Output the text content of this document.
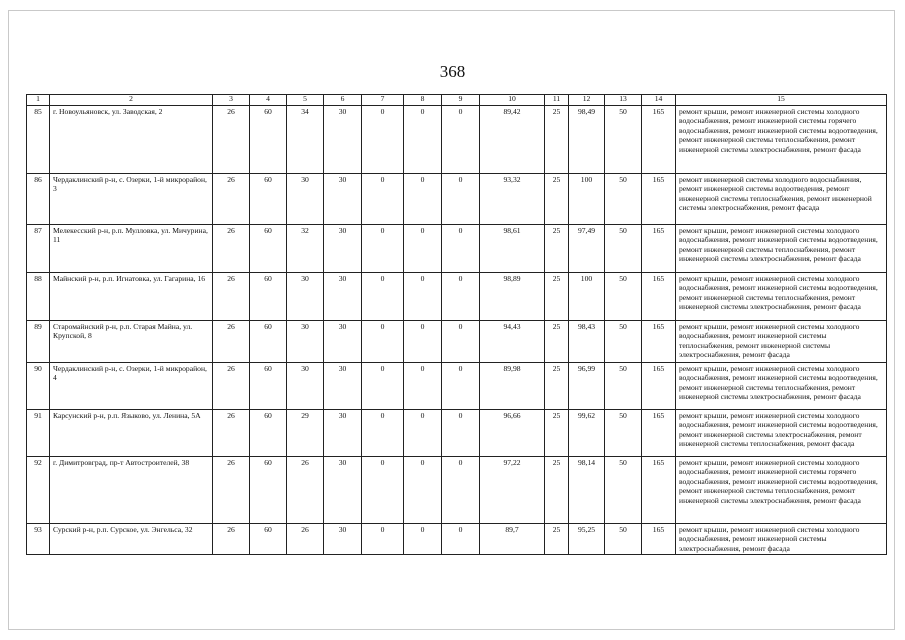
368
1	2	3	4	5	6	7	8	9	10	11	12	13	14	15
85	г. Новоульяновск, ул. Заводская, 2	26	60	34	30	0	0	0	89,42	25	98,49	50	165	ремонт крыши, ремонт инженерной системы холодного водоснабжения, ремонт инженерной системы горячего водоснабжения, ремонт инженерной системы водоотведения, ремонт инженерной системы теплоснабжения, ремонт инженерной системы электроснабжения, ремонт фасада
86	Чердаклинский р-н, с. Озерки, 1-й микрорайон, 3	26	60	30	30	0	0	0	93,32	25	100	50	165	ремонт инженерной системы холодного водоснабжения, ремонт инженерной системы водоотведения, ремонт инженерной системы теплоснабжения, ремонт инженерной системы электроснабжения, ремонт фасада
87	Мелекесский р-н, р.п. Мулловка, ул. Мичурина, 11	26	60	32	30	0	0	0	98,61	25	97,49	50	165	ремонт крыши, ремонт инженерной системы холодного водоснабжения, ремонт инженерной системы водоотведения, ремонт инженерной системы теплоснабжения, ремонт инженерной системы электроснабжения, ремонт фасада
88	Майнский р-н, р.п. Игнатовка, ул. Гагарина, 16	26	60	30	30	0	0	0	98,89	25	100	50	165	ремонт крыши, ремонт инженерной системы холодного водоснабжения, ремонт инженерной системы водоотведения, ремонт инженерной системы теплоснабжения, ремонт инженерной системы электроснабжения, ремонт фасада
89	Старомайнский р-н, р.п. Старая Майна, ул. Крупской, 8	26	60	30	30	0	0	0	94,43	25	98,43	50	165	ремонт крыши, ремонт инженерной системы холодного водоснабжения, ремонт инженерной системы теплоснабжения, ремонт инженерной системы электроснабжения, ремонт фасада
90	Чердаклинский р-н, с. Озерки, 1-й микрорайон, 4	26	60	30	30	0	0	0	89,98	25	96,99	50	165	ремонт крыши, ремонт инженерной системы холодного водоснабжения, ремонт инженерной системы водоотведения, ремонт инженерной системы теплоснабжения, ремонт инженерной системы электроснабжения, ремонт фасада
91	Карсунский р-н, р.п. Языково, ул. Ленина, 5А	26	60	29	30	0	0	0	96,66	25	99,62	50	165	ремонт крыши, ремонт инженерной системы холодного водоснабжения, ремонт инженерной системы водоотведения, ремонт инженерной системы электроснабжения, ремонт инженерной системы теплоснабжения, ремонт фасада
92	г. Димитровград, пр-т Автостроителей, 38	26	60	26	30	0	0	0	97,22	25	98,14	50	165	ремонт крыши, ремонт инженерной системы холодного водоснабжения, ремонт инженерной системы горячего водоснабжения, ремонт инженерной системы водоотведения, ремонт инженерной системы теплоснабжения, ремонт инженерной системы электроснабжения, ремонт фасада
93	Сурский р-н, р.п. Сурское, ул. Энгельса, 32	26	60	26	30	0	0	0	89,7	25	95,25	50	165	ремонт крыши, ремонт инженерной системы холодного водоснабжения, ремонт инженерной системы электроснабжения, ремонт фасада
